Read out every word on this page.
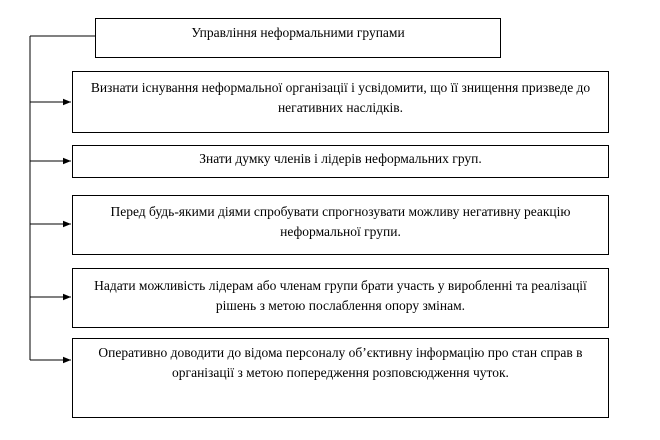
Управління неформальними групами
Визнати існування неформальної організації і усвідомити, що її знищення призведе до негативних наслідків.
Знати думку членів і лідерів неформальних груп.
Перед будь-якими діями спробувати спрогнозувати можливу негативну реакцію неформальної групи.
Надати можливість лідерам або членам групи брати участь у виробленні та реалізації рішень з метою послаблення опору змінам.
Оперативно доводити до відома персоналу об’єктивну інформацію про стан справ в організації з метою попередження розповсюдження чуток.
